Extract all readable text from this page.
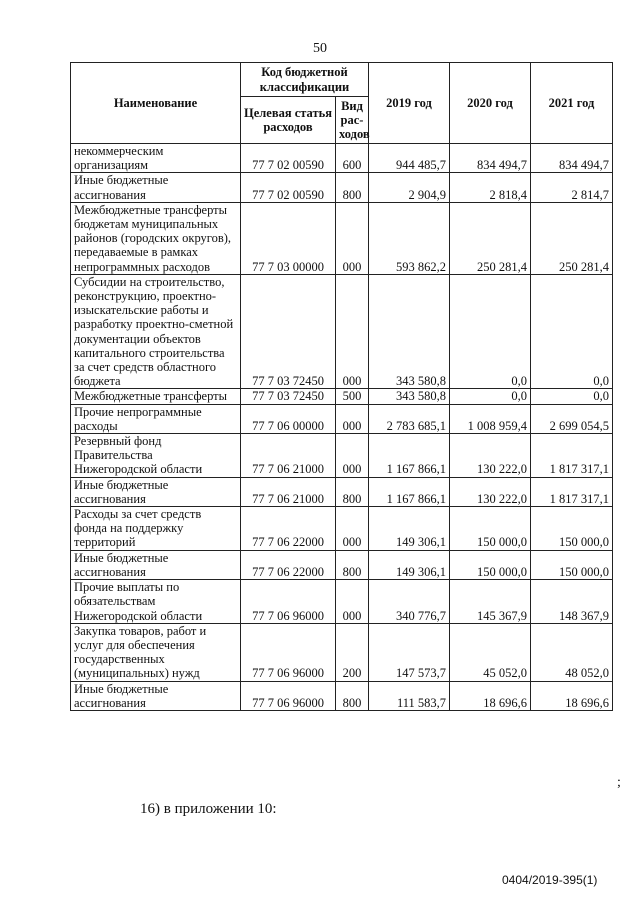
50
Наименование	Код бюджетной классификации		2019 год	2020 год	2021 год
	Целевая статья расходов	Вид рас-ходов			
некоммерческим организациям	77 7 02 00590	600	944 485,7	834 494,7	834 494,7
Иные бюджетные ассигнования	77 7 02 00590	800	2 904,9	2 818,4	2 814,7
Межбюджетные трансферты бюджетам муниципальных районов (городских округов), передаваемые в рамках непрограммных расходов	77 7 03 00000	000	593 862,2	250 281,4	250 281,4
Субсидии на строительство, реконструкцию, проектно-изыскательские работы и разработку проектно-сметной документации объектов капитального строительства за счет средств областного бюджета	77 7 03 72450	000	343 580,8	0,0	0,0
Межбюджетные трансферты	77 7 03 72450	500	343 580,8	0,0	0,0
Прочие непрограммные расходы	77 7 06 00000	000	2 783 685,1	1 008 959,4	2 699 054,5
Резервный фонд Правительства Нижегородской области	77 7 06 21000	000	1 167 866,1	130 222,0	1 817 317,1
Иные бюджетные ассигнования	77 7 06 21000	800	1 167 866,1	130 222,0	1 817 317,1
Расходы за счет средств фонда на поддержку территорий	77 7 06 22000	000	149 306,1	150 000,0	150 000,0
Иные бюджетные ассигнования	77 7 06 22000	800	149 306,1	150 000,0	150 000,0
Прочие выплаты по обязательствам Нижегородской области	77 7 06 96000	000	340 776,7	145 367,9	148 367,9
Закупка товаров, работ и услуг для обеспечения государственных (муниципальных) нужд	77 7 06 96000	200	147 573,7	45 052,0	48 052,0
Иные бюджетные ассигнования	77 7 06 96000	800	111 583,7	18 696,6	18 696,6
;
16) в приложении 10:
0404/2019-395(1)
